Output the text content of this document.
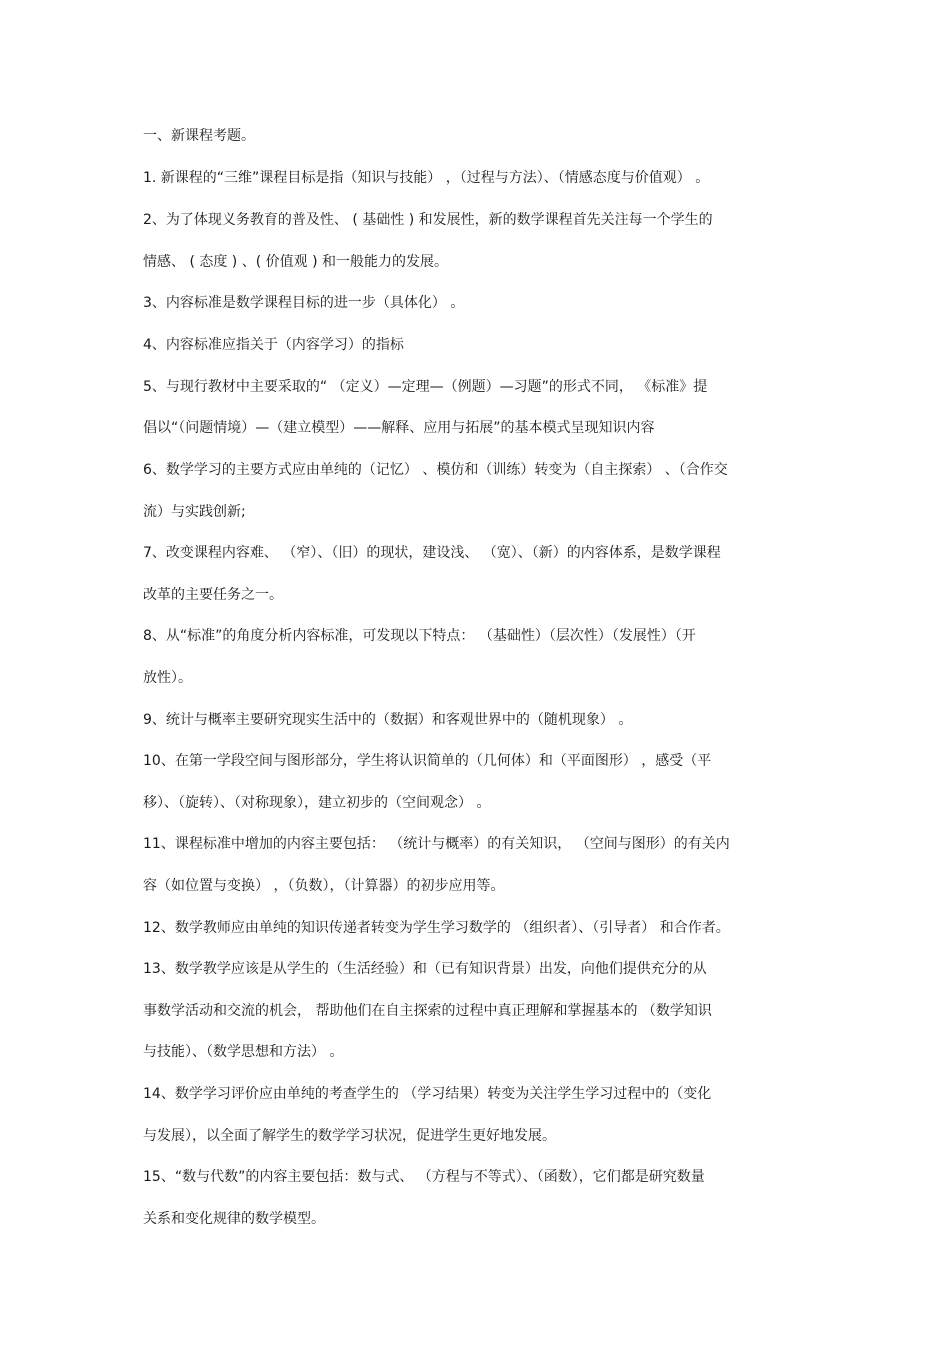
一、新课程考题。
1. 新课程的“三维”课程目标是指（知识与技能） ，（过程与方法）、（情感态度与价值观） 。
2、为了体现义务教育的普及性、 ( 基础性 ) 和发展性，新的数学课程首先关注每一个学生的
情感、 ( 态度 ) 、( 价值观 ) 和一般能力的发展。
3、内容标准是数学课程目标的进一步（具体化） 。
4、内容标准应指关于（内容学习）的指标
5、与现行教材中主要采取的“ （定义）—定理—（例题）—习题”的形式不同， 《标准》提
倡以“（问题情境）—（建立模型）——解释、应用与拓展”的基本模式呈现知识内容
6、数学学习的主要方式应由单纯的（记忆） 、模仿和（训练）转变为（自主探索） 、（合作交
流）与实践创新;
7、改变课程内容难、 （窄）、（旧）的现状，建设浅、 （宽）、（新）的内容体系，是数学课程
改革的主要任务之一。
8、从“标准”的角度分析内容标准，可发现以下特点： （基础性）（层次性）（发展性）（开
放性）。
9、统计与概率主要研究现实生活中的（数据）和客观世界中的（随机现象） 。
10、在第一学段空间与图形部分，学生将认识简单的（几何体）和（平面图形） ，感受（平
移）、（旋转）、（对称现象），建立初步的（空间观念） 。
11、课程标准中增加的内容主要包括： （统计与概率）的有关知识， （空间与图形）的有关内
容（如位置与变换） ，（负数），（计算器）的初步应用等。
12、数学教师应由单纯的知识传递者转变为学生学习数学的 （组织者）、（引导者） 和合作者。
13、数学教学应该是从学生的（生活经验）和（已有知识背景）出发，向他们提供充分的从
事数学活动和交流的机会， 帮助他们在自主探索的过程中真正理解和掌握基本的 （数学知识
与技能）、（数学思想和方法） 。
14、数学学习评价应由单纯的考查学生的 （学习结果）转变为关注学生学习过程中的（变化
与发展），以全面了解学生的数学学习状况，促进学生更好地发展。
15、“数与代数”的内容主要包括：数与式、 （方程与不等式）、（函数），它们都是研究数量
关系和变化规律的数学模型。
